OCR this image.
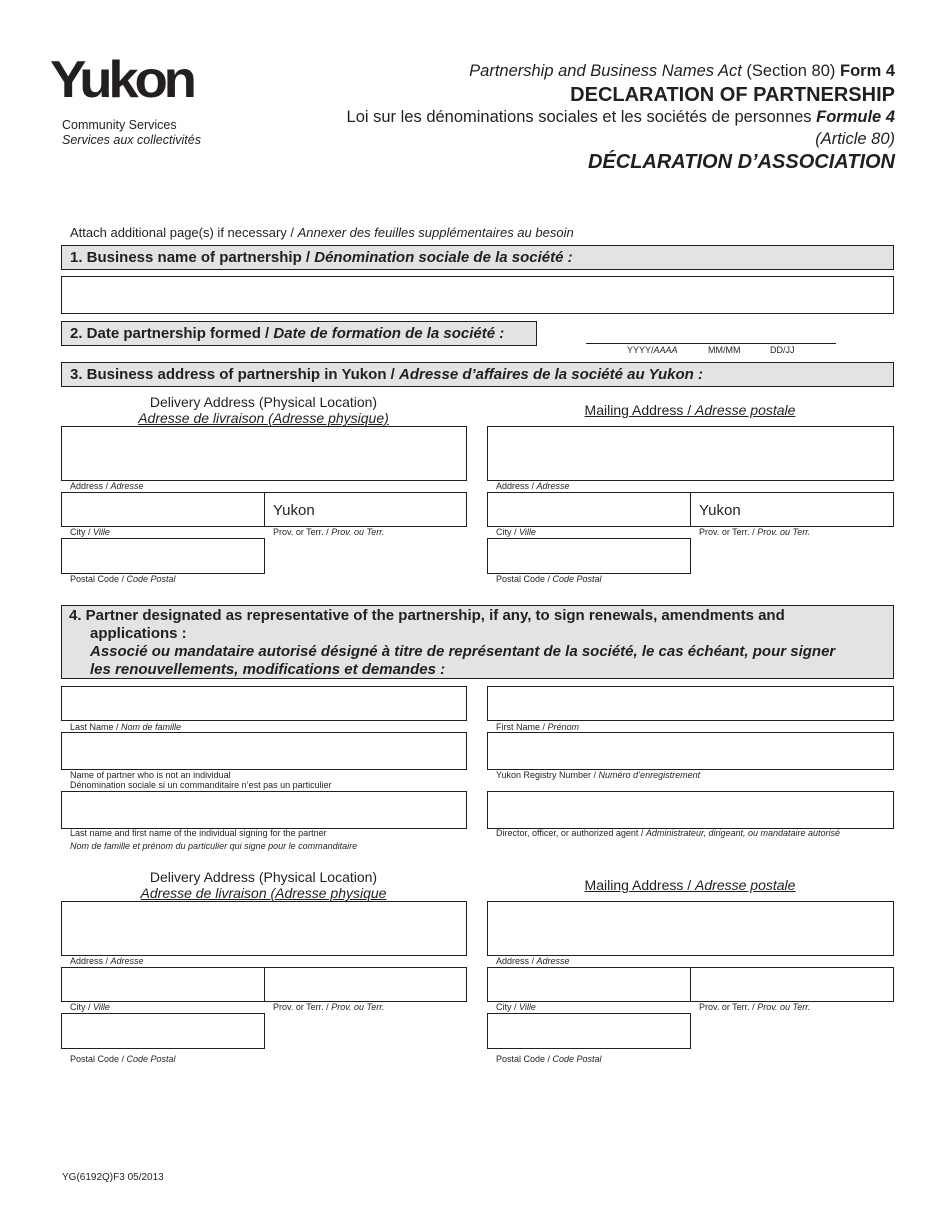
Yukon
Community Services
Services aux collectivités
Partnership and Business Names Act (Section 80) Form 4
DECLARATION OF PARTNERSHIP
Loi sur les dénominations sociales et les sociétés de personnes Formule 4
(Article 80)
DÉCLARATION D’ASSOCIATION
Attach additional page(s) if necessary / Annexer des feuilles supplémentaires au besoin
1. Business name of partnership / Dénomination sociale de la société :
2. Date partnership formed / Date de formation de la société :
YYYY/AAAA	MM/MM	DD/JJ
3. Business address of partnership in Yukon / Adresse d’affaires de la société au Yukon :
Delivery Address (Physical Location)
Adresse de livraison (Adresse physique)	Mailing Address / Adresse postale
Address / Adresse
Yukon
City / Ville	Prov. or Terr. / Prov. ou Terr.
Postal Code / Code Postal
Address / Adresse
Yukon
City / Ville	Prov. or Terr. / Prov. ou Terr.
Postal Code / Code Postal
4. Partner designated as representative of the partnership, if any, to sign renewals, amendments and
applications :
Associé ou mandataire autorisé désigné à titre de représentant de la société, le cas échéant, pour signer
les renouvellements, modifications et demandes :
Last Name / Nom de famille	First Name / Prénom
Name of partner who is not an individual
Dénomination sociale si un commanditaire n’est pas un particulier
Yukon Registry Number / Numéro d’enregistrement
Last name and first name of the individual signing for the partner
Nom de famille et prénom du particulier qui signe pour le commanditaire
Director, officer, or authorized agent / Administrateur, dirigeant, ou mandataire autorisé
Delivery Address (Physical Location)
Adresse de livraison (Adresse physique	Mailing Address / Adresse postale
Address / Adresse
City / Ville	Prov. or Terr. / Prov. ou Terr.
Postal Code / Code Postal
Address / Adresse
City / Ville	Prov. or Terr. / Prov. ou Terr.
Postal Code / Code Postal
YG(6192Q)F3 05/2013
